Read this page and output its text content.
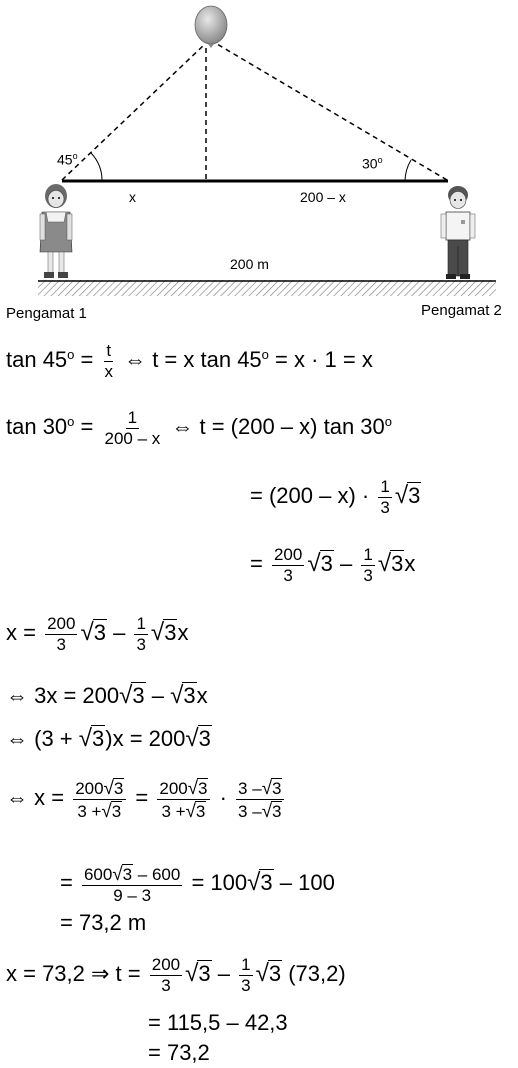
45$^o$	30$^o$
x	200 – x
200 m
Pengamat 1	Pengamat 2
$\tan 45^o = \frac{t}{x}$ ⇔ t = x $\tan 45^o = x \cdot 1 = x$
$\tan 30^o = \frac{1}{200 - x}$ ⇔ t = (200 – x) $\tan 30^o$
= $(200 - x) \cdot \frac{1}{3} √3$
= $\frac{200}{3} √3 - \frac{1}{3} √3x$
$x = \frac{200}{3} √3 - \frac{1}{3} √3x$
⇔ 3x = 200√3 – √3x
⇔ (3 + √3)x = 200√3
⇔ $x = \frac{200√3}{3 +√3} = \frac{200√3}{3 +√3} \cdot \frac{3 -√3}{3 -√3}$
= $\frac{600√3 - 600}{9 - 3} = 100√3 - 100$
= 73,2 m
x = 73,2 ⇒ $t = \frac{200}{3} √3 - \frac{1}{3} √3$ (73,2)
= 115,5 – 42,3
= 73,2
